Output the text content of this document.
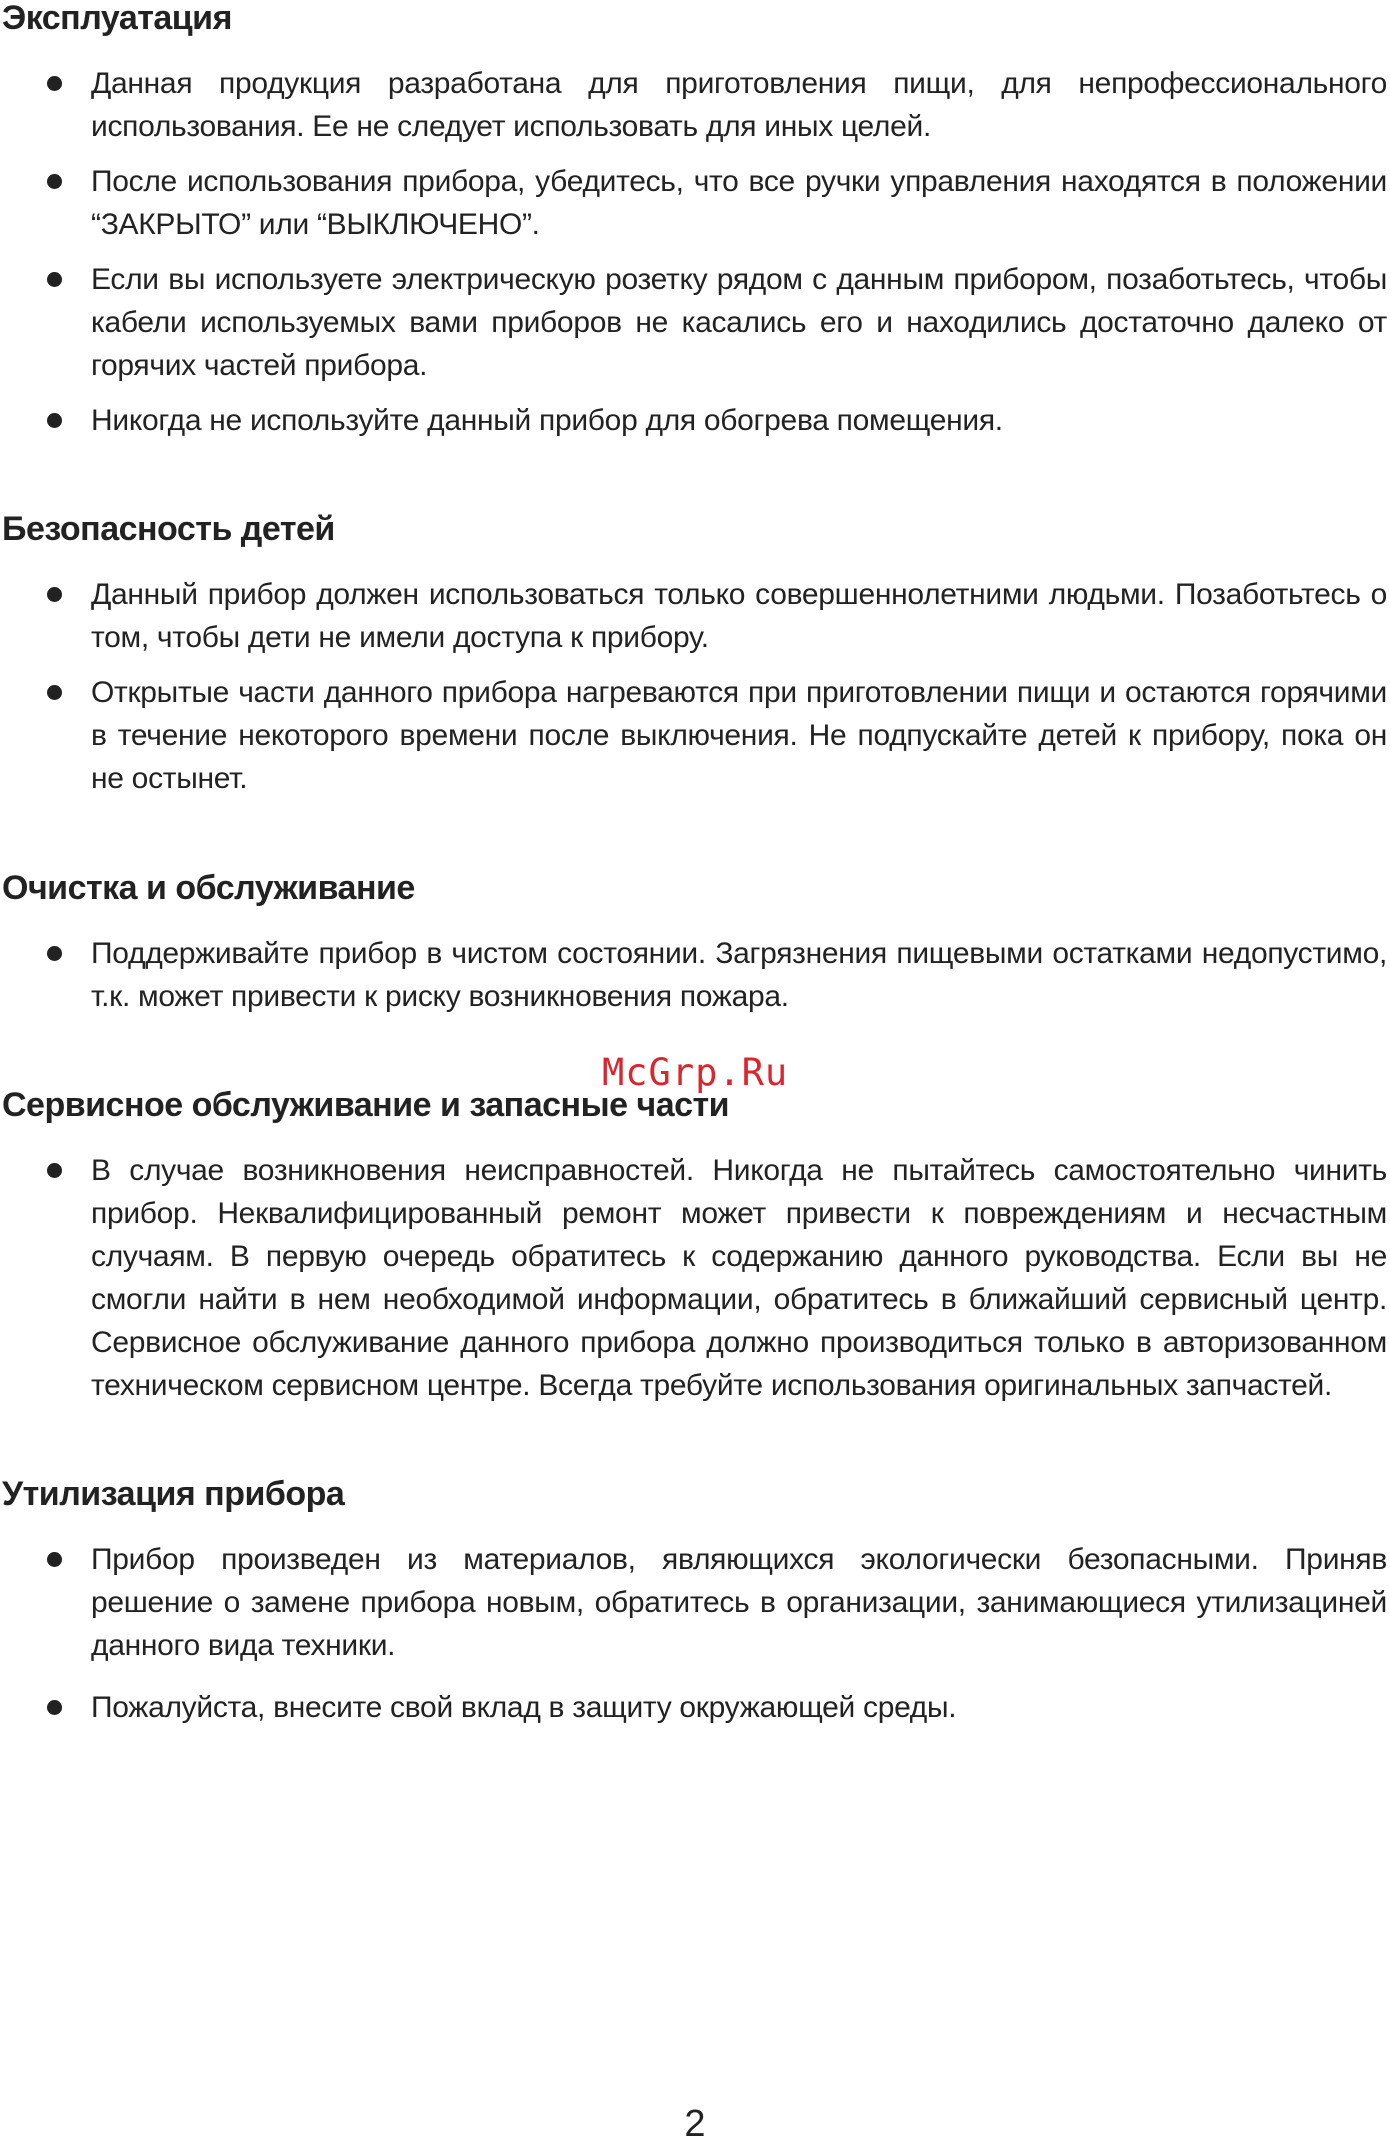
Эксплуатация
Данная продукция разработана для приготовления пищи, для непрофессионального использования. Ее не следует использовать для иных целей.
После использования прибора, убедитесь, что все ручки управления находятся в положении “ЗАКРЫТО” или “ВЫКЛЮЧЕНО”.
Если вы используете электрическую розетку рядом с данным прибором, позаботьтесь, чтобы кабели используемых вами приборов не касались его и находились достаточно далеко от горячих частей прибора.
Никогда не используйте данный прибор для обогрева помещения.
Безопасность детей
Данный прибор должен использоваться только совершеннолетними людьми. Позаботьтесь о том, чтобы дети не имели доступа к прибору.
Открытые части данного прибора нагреваются при приготовлении пищи и остаются горячими в течение некоторого времени после выключения. Не подпускайте детей к прибору, пока он не остынет.
Очистка и обслуживание
Поддерживайте прибор в чистом состоянии. Загрязнения пищевыми остатками недопустимо, т.к. может привести к риску возникновения пожара.
Сервисное обслуживание и запасные части
В случае возникновения неисправностей. Никогда не пытайтесь самостоятельно чинить прибор. Неквалифицированный ремонт может привести к повреждениям и несчастным случаям. В первую очередь обратитесь к содержанию данного руководства. Если вы не смогли найти в нем необходимой информации, обратитесь в ближайший сервисный центр. Сервисное обслуживание данного прибора должно производиться только в авторизованном техническом сервисном центре. Всегда требуйте использования оригинальных запчастей.
Утилизация прибора
Прибор произведен из материалов, являющихся экологически безопасными. Приняв решение о замене прибора новым, обратитесь в организации, занимающиеся утилизациней данного вида техники.
Пожалуйста, внесите свой вклад в защиту окружающей среды.
McGrp.Ru
2
